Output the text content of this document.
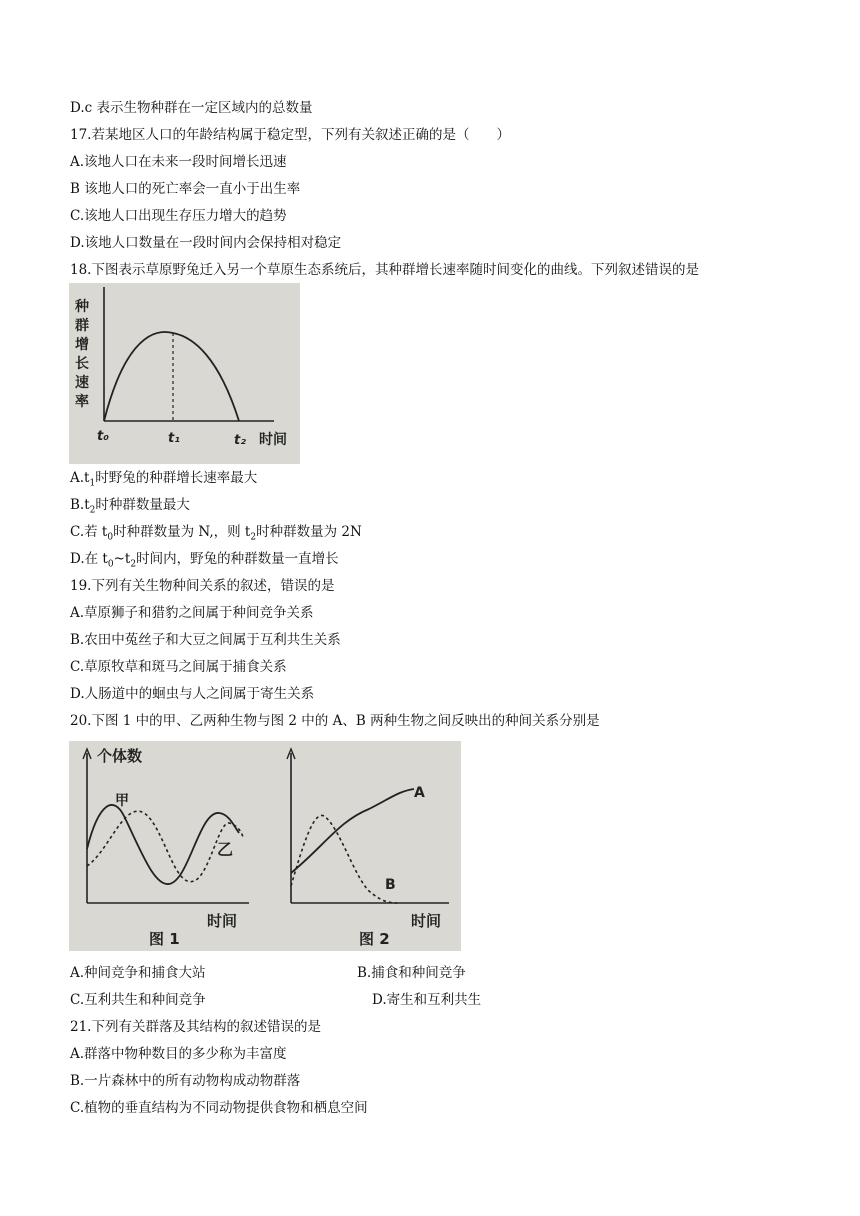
D.c 表示生物种群在一定区域内的总数量
17.若某地区人口的年龄结构属于稳定型，下列有关叙述正确的是（　　）
A.该地人口在未来一段时间增长迅速
B 该地人口的死亡率会一直小于出生率
C.该地人口出现生存压力增大的趋势
D.该地人口数量在一段时间内会保持相对稳定
18.下图表示草原野兔迁入另一个草原生态系统后，其种群增长速率随时间变化的曲线。下列叙述错误的是
种
群
增
长
速
率
t₀	t₁	t₂ 时间
$A.t_1$时野兔的种群增长速率最大
$B.t_2$时种群数量最大
C.若 $t_0$时种群数量为 N,，则 $t_2$时种群数量为 2N
D.在 $t_0\sim t_2$时间内，野兔的种群数量一直增长
19.下列有关生物种间关系的叙述，错误的是
A.草原狮子和猎豹之间属于种间竞争关系
B.农田中菟丝子和大豆之间属于互利共生关系
C.草原牧草和斑马之间属于捕食关系
D.人肠道中的蛔虫与人之间属于寄生关系
20.下图 1 中的甲、乙两种生物与图 2 中的 A、B 两种生物之间反映出的种间关系分别是
个体数
甲
乙
时间
图 1
A
B
时间
图 2
A.种间竞争和捕食大站	B.捕食和种间竞争
C.互利共生和种间竞争	D.寄生和互利共生
21.下列有关群落及其结构的叙述错误的是
A.群落中物种数目的多少称为丰富度
B.一片森林中的所有动物构成动物群落
C.植物的垂直结构为不同动物提供食物和栖息空间
